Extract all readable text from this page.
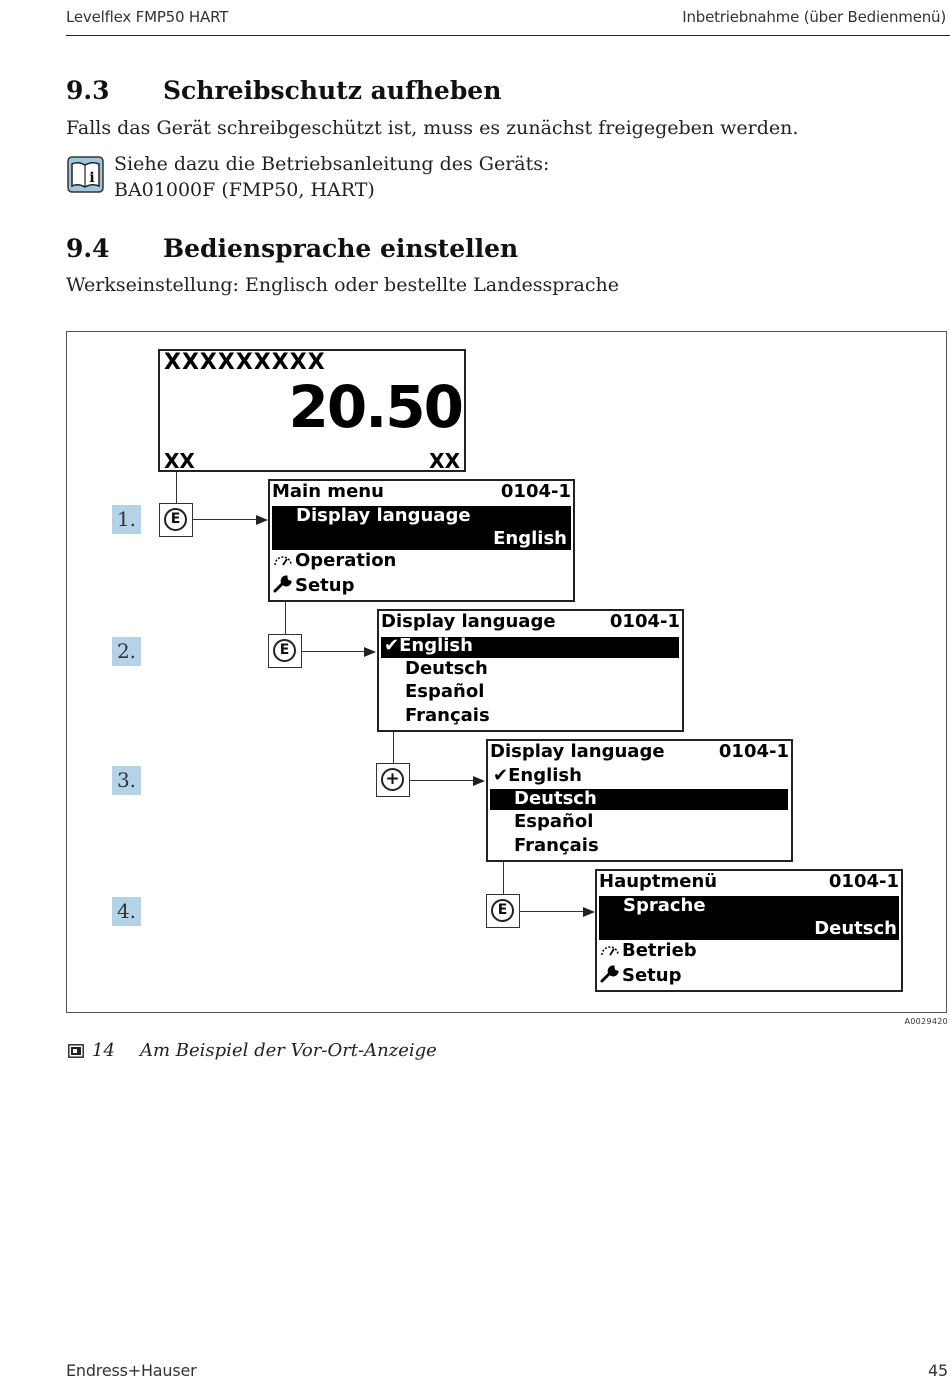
Levelflex FMP50 HART	Inbetriebnahme (über Bedienmenü)
9.3 Schreibschutz aufheben
Falls das Gerät schreibgeschützt ist, muss es zunächst freigegeben werden.
i
Siehe dazu die Betriebsanleitung des Geräts:
BA01000F (FMP50, HART)
9.4 Bediensprache einstellen
Werkseinstellung: Englisch oder bestellte Landessprache
XXXXXXXXX
20.50
XX	XX
1.
2.
3.
4.
E
Main menu	0104-1
Display language
English
Operation
Setup
E
Display language	0104-1
✔English
Deutsch
Español
Français
+
Display language	0104-1
✔English
Deutsch
Español
Français
E
Hauptmenü	0104-1
Sprache
Deutsch
Betrieb
Setup
A0029420
14 Am Beispiel der Vor-Ort-Anzeige
Endress+Hauser	45
